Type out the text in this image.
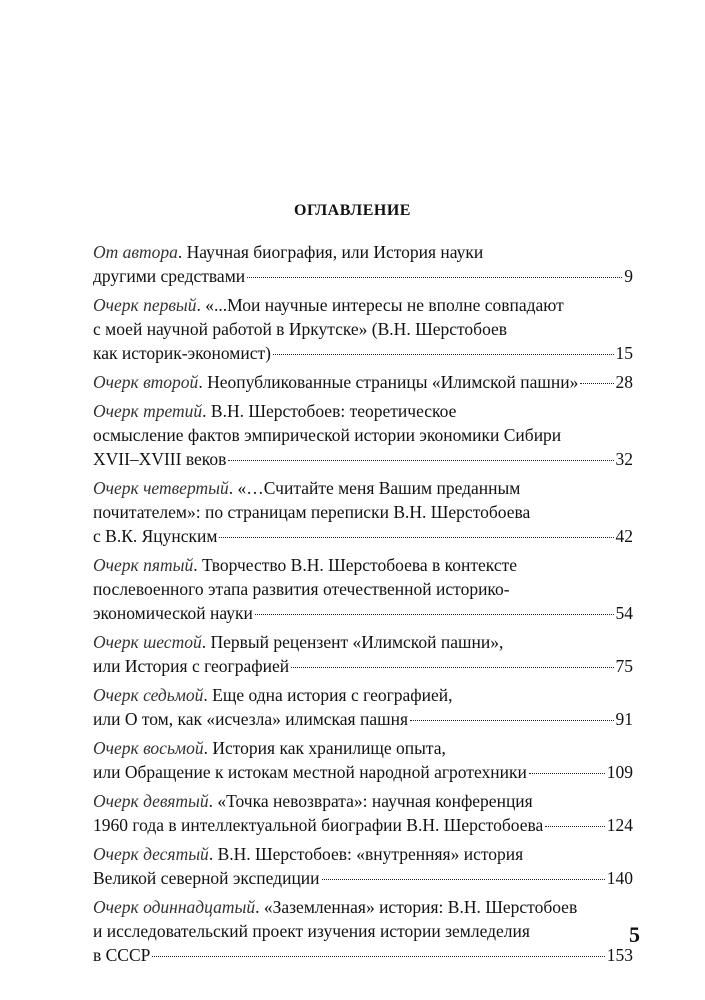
ОГЛАВЛЕНИЕ
От автора. Научная биография, или История науки
другими средствами	9
Очерк первый. «...Мои научные интересы не вполне совпадают
с моей научной работой в Иркутске» (В.Н. Шерстобоев
как историк-экономист)	15
Очерк второй. Неопубликованные страницы «Илимской пашни» 28
Очерк третий. В.Н. Шерстобоев: теоретическое
осмысление фактов эмпирической истории экономики Сибири
XVII–XVIII веков	32
Очерк четвертый. «…Считайте меня Вашим преданным
почитателем»: по страницам переписки В.Н. Шерстобоева
с В.К. Яцунским	42
Очерк пятый. Творчество В.Н. Шерстобоева в контексте
послевоенного этапа развития отечественной историко-
экономической науки	54
Очерк шестой. Первый рецензент «Илимской пашни»,
или История с географией	75
Очерк седьмой. Еще одна история с географией,
или О том, как «исчезла» илимская пашня	91
Очерк восьмой. История как хранилище опыта,
или Обращение к истокам местной народной агротехники	109
Очерк девятый. «Точка невозврата»: научная конференция
1960 года в интеллектуальной биографии В.Н. Шерстобоева	124
Очерк десятый. В.Н. Шерстобоев: «внутренняя» история
Великой северной экспедиции	140
Очерк одиннадцатый. «Заземленная» история: В.Н. Шерстобоев
и исследовательский проект изучения истории земледелия
в СССР	153
5
